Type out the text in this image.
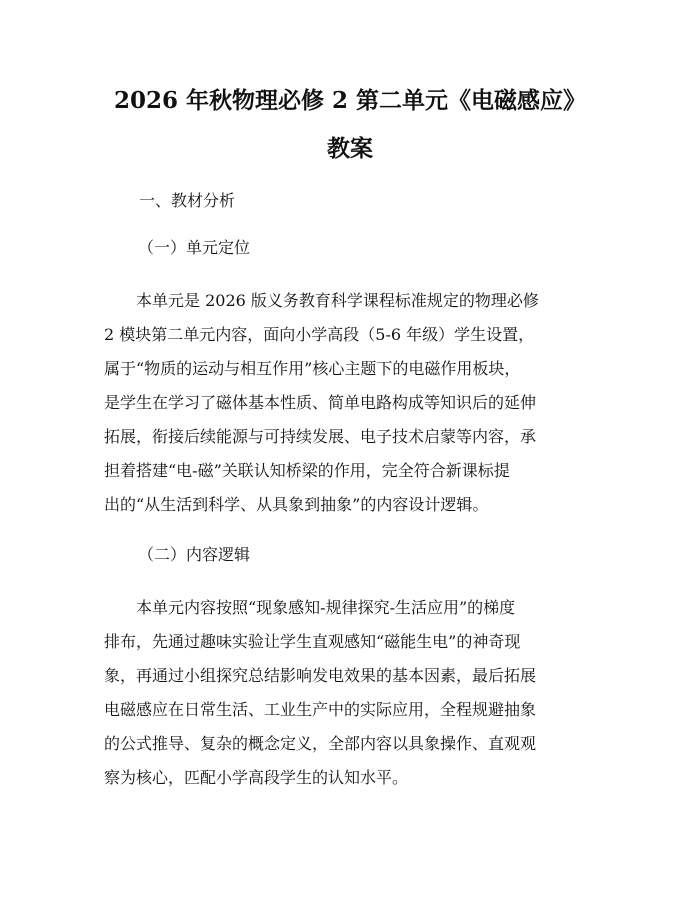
2026 年秋物理必修 2 第二单元《电磁感应》
教案
一、教材分析
（一）单元定位
　　本单元是 2026 版义务教育科学课程标准规定的物理必修
2 模块第二单元内容，面向小学高段（5-6 年级）学生设置，
属于“物质的运动与相互作用”核心主题下的电磁作用板块，
是学生在学习了磁体基本性质、简单电路构成等知识后的延伸
拓展，衔接后续能源与可持续发展、电子技术启蒙等内容，承
担着搭建“电-磁”关联认知桥梁的作用，完全符合新课标提
出的“从生活到科学、从具象到抽象”的内容设计逻辑。
（二）内容逻辑
　　本单元内容按照“现象感知-规律探究-生活应用”的梯度
排布，先通过趣味实验让学生直观感知“磁能生电”的神奇现
象，再通过小组探究总结影响发电效果的基本因素，最后拓展
电磁感应在日常生活、工业生产中的实际应用，全程规避抽象
的公式推导、复杂的概念定义，全部内容以具象操作、直观观
察为核心，匹配小学高段学生的认知水平。
